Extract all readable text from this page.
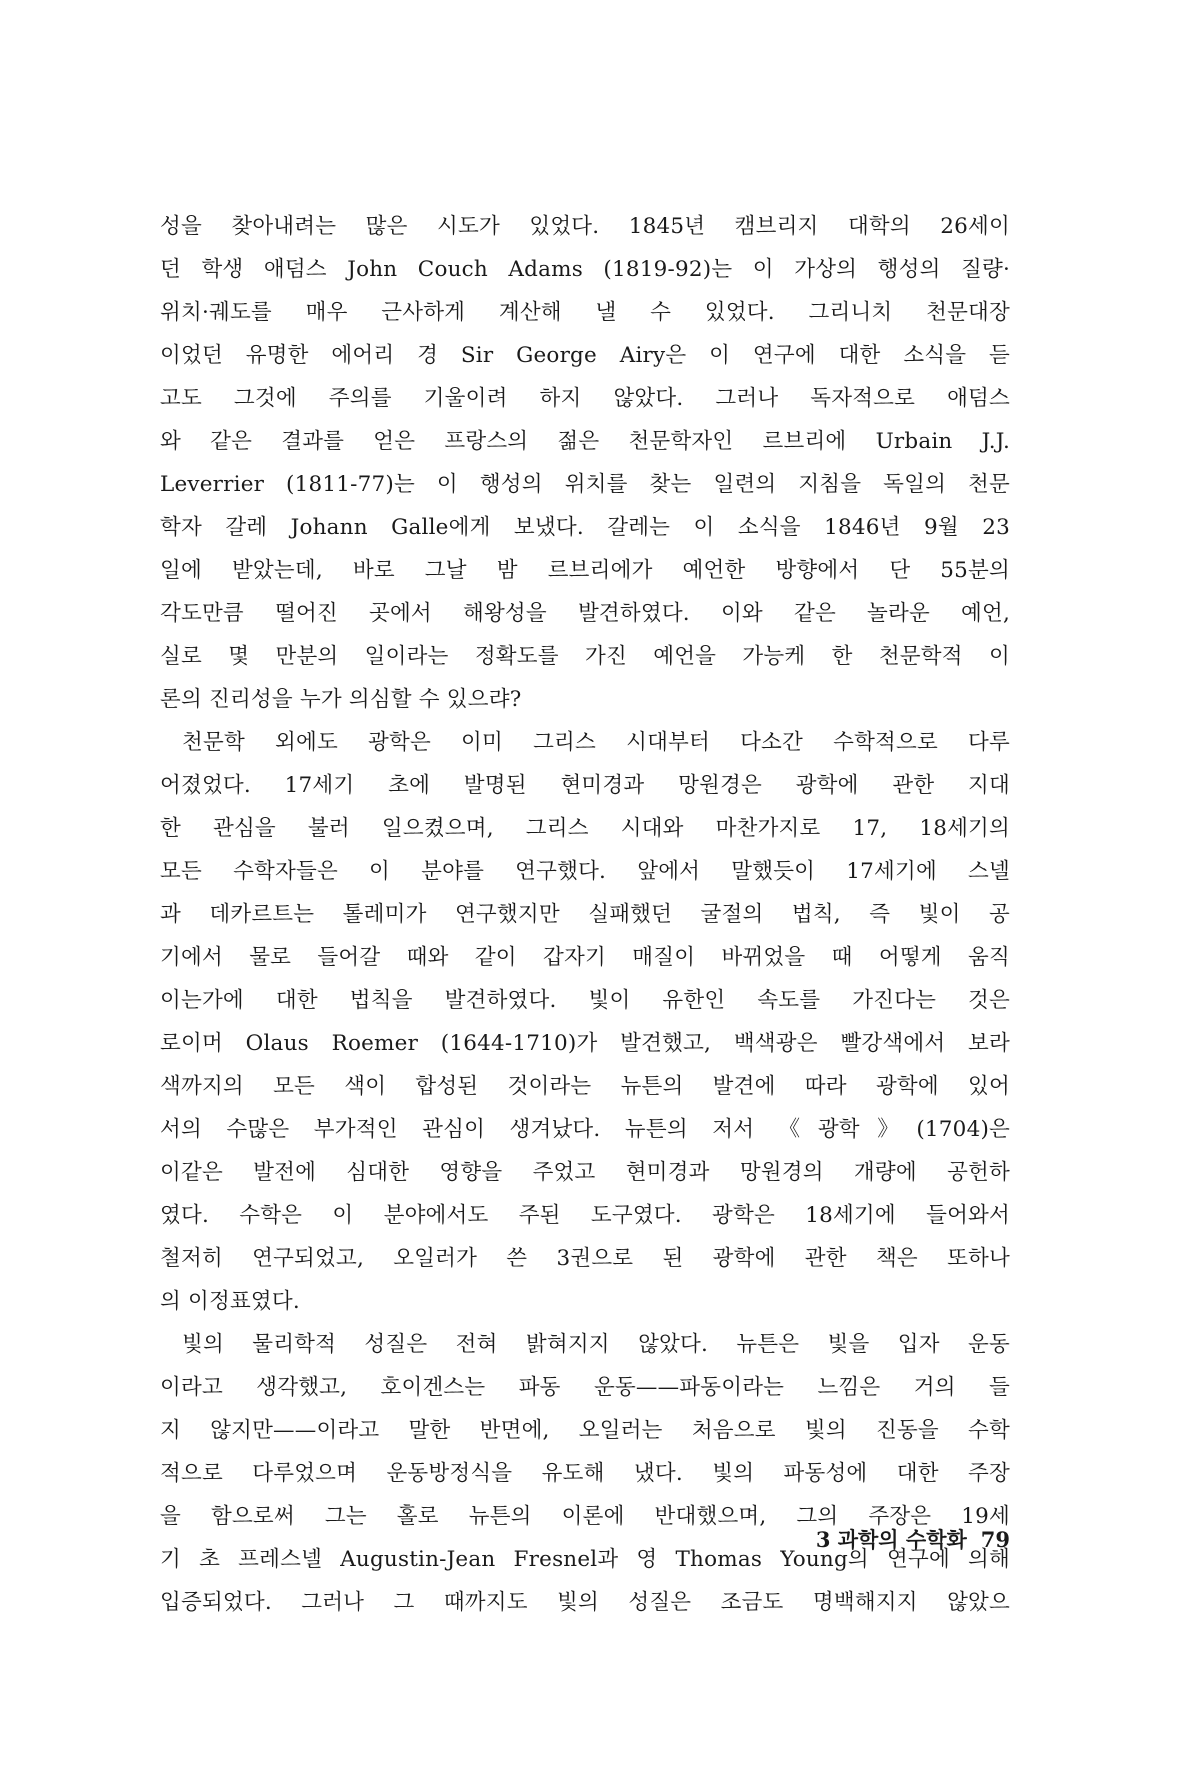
성을 찾아내려는 많은 시도가 있었다. 1845년 캠브리지 대학의 26세이
던 학생 애덤스 John Couch Adams (1819-92)는 이 가상의 행성의 질량·
위치·궤도를 매우 근사하게 계산해 낼 수 있었다. 그리니치 천문대장
이었던 유명한 에어리 경 Sir George Airy은 이 연구에 대한 소식을 듣
고도 그것에 주의를 기울이려 하지 않았다. 그러나 독자적으로 애덤스
와 같은 결과를 얻은 프랑스의 젊은 천문학자인 르브리에 Urbain J.J.
Leverrier (1811-77)는 이 행성의 위치를 찾는 일련의 지침을 독일의 천문
학자 갈레 Johann Galle에게 보냈다. 갈레는 이 소식을 1846년 9월 23
일에 받았는데, 바로 그날 밤 르브리에가 예언한 방향에서 단 55분의
각도만큼 떨어진 곳에서 해왕성을 발견하였다. 이와 같은 놀라운 예언,
실로 몇 만분의 일이라는 정확도를 가진 예언을 가능케 한 천문학적 이
론의 진리성을 누가 의심할 수 있으랴?
천문학 외에도 광학은 이미 그리스 시대부터 다소간 수학적으로 다루
어졌었다. 17세기 초에 발명된 현미경과 망원경은 광학에 관한 지대
한 관심을 불러 일으켰으며, 그리스 시대와 마찬가지로 17, 18세기의
모든 수학자들은 이 분야를 연구했다. 앞에서 말했듯이 17세기에 스넬
과 데카르트는 톨레미가 연구했지만 실패했던 굴절의 법칙, 즉 빛이 공
기에서 물로 들어갈 때와 같이 갑자기 매질이 바뀌었을 때 어떻게 움직
이는가에 대한 법칙을 발견하였다. 빛이 유한인 속도를 가진다는 것은
로이머 Olaus Roemer (1644-1710)가 발견했고, 백색광은 빨강색에서 보라
색까지의 모든 색이 합성된 것이라는 뉴튼의 발견에 따라 광학에 있어
서의 수많은 부가적인 관심이 생겨났다. 뉴튼의 저서 《광학》(1704)은
이같은 발전에 심대한 영향을 주었고 현미경과 망원경의 개량에 공헌하
였다. 수학은 이 분야에서도 주된 도구였다. 광학은 18세기에 들어와서
철저히 연구되었고, 오일러가 쓴 3권으로 된 광학에 관한 책은 또하나
의 이정표였다.
빛의 물리학적 성질은 전혀 밝혀지지 않았다. 뉴튼은 빛을 입자 운동
이라고 생각했고, 호이겐스는 파동 운동——파동이라는 느낌은 거의 들
지 않지만——이라고 말한 반면에, 오일러는 처음으로 빛의 진동을 수학
적으로 다루었으며 운동방정식을 유도해 냈다. 빛의 파동성에 대한 주장
을 함으로써 그는 홀로 뉴튼의 이론에 반대했으며, 그의 주장은 19세
기 초 프레스넬 Augustin-Jean Fresnel과 영 Thomas Young의 연구에 의해
입증되었다. 그러나 그 때까지도 빛의 성질은 조금도 명백해지지 않았으
3 과학의 수학화 79
